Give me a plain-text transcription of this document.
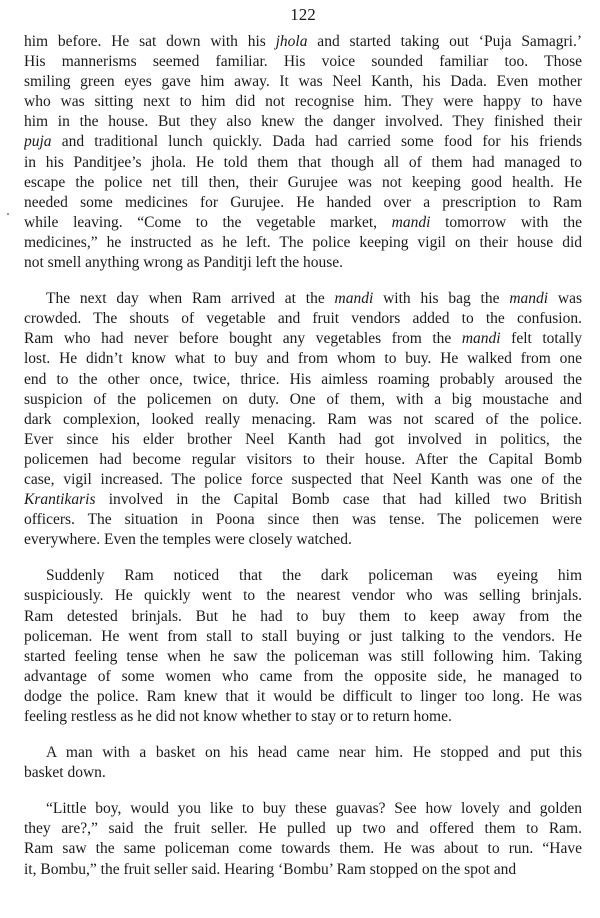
122

him before. He sat down with his jhola and started taking out ‘Puja Samagri.’
His mannerisms seemed familiar. His voice sounded familiar too. Those
smiling green eyes gave him away. It was Neel Kanth, his Dada. Even mother
who was sitting next to him did not recognise him. They were happy to have
him in the house. But they also knew the danger involved. They finished their
puja and traditional lunch quickly. Dada had carried some food for his friends
in his Panditjee’s jhola. He told them that though all of them had managed to
escape the police net till then, their Gurujee was not keeping good health. He
needed some medicines for Gurujee. He handed over a prescription to Ram
while leaving. “Come to the vegetable market, mandi tomorrow with the
medicines,” he instructed as he left. The police keeping vigil on their house did
not smell anything wrong as Panditji left the house.

The next day when Ram arrived at the mandi with his bag the mandi was
crowded. The shouts of vegetable and fruit vendors added to the confusion.
Ram who had never before bought any vegetables from the mandi felt totally
lost. He didn’t know what to buy and from whom to buy. He walked from one
end to the other once, twice, thrice. His aimless roaming probably aroused the
suspicion of the policemen on duty. One of them, with a big moustache and
dark complexion, looked really menacing. Ram was not scared of the police.
Ever since his elder brother Neel Kanth had got involved in politics, the
policemen had become regular visitors to their house. After the Capital Bomb
case, vigil increased. The police force suspected that Neel Kanth was one of the
Krantikaris involved in the Capital Bomb case that had killed two British
officers. The situation in Poona since then was tense. The policemen were
everywhere. Even the temples were closely watched.

Suddenly Ram noticed that the dark policeman was eyeing him
suspiciously. He quickly went to the nearest vendor who was selling brinjals.
Ram detested brinjals. But he had to buy them to keep away from the
policeman. He went from stall to stall buying or just talking to the vendors. He
started feeling tense when he saw the policeman was still following him. Taking
advantage of some women who came from the opposite side, he managed to
dodge the police. Ram knew that it would be difficult to linger too long. He was
feeling restless as he did not know whether to stay or to return home.

A man with a basket on his head came near him. He stopped and put this
basket down.

“Little boy, would you like to buy these guavas? See how lovely and golden
they are?,” said the fruit seller. He pulled up two and offered them to Ram.
Ram saw the same policeman come towards them. He was about to run. “Have
it, Bombu,” the fruit seller said. Hearing ‘Bombu’ Ram stopped on the spot and
